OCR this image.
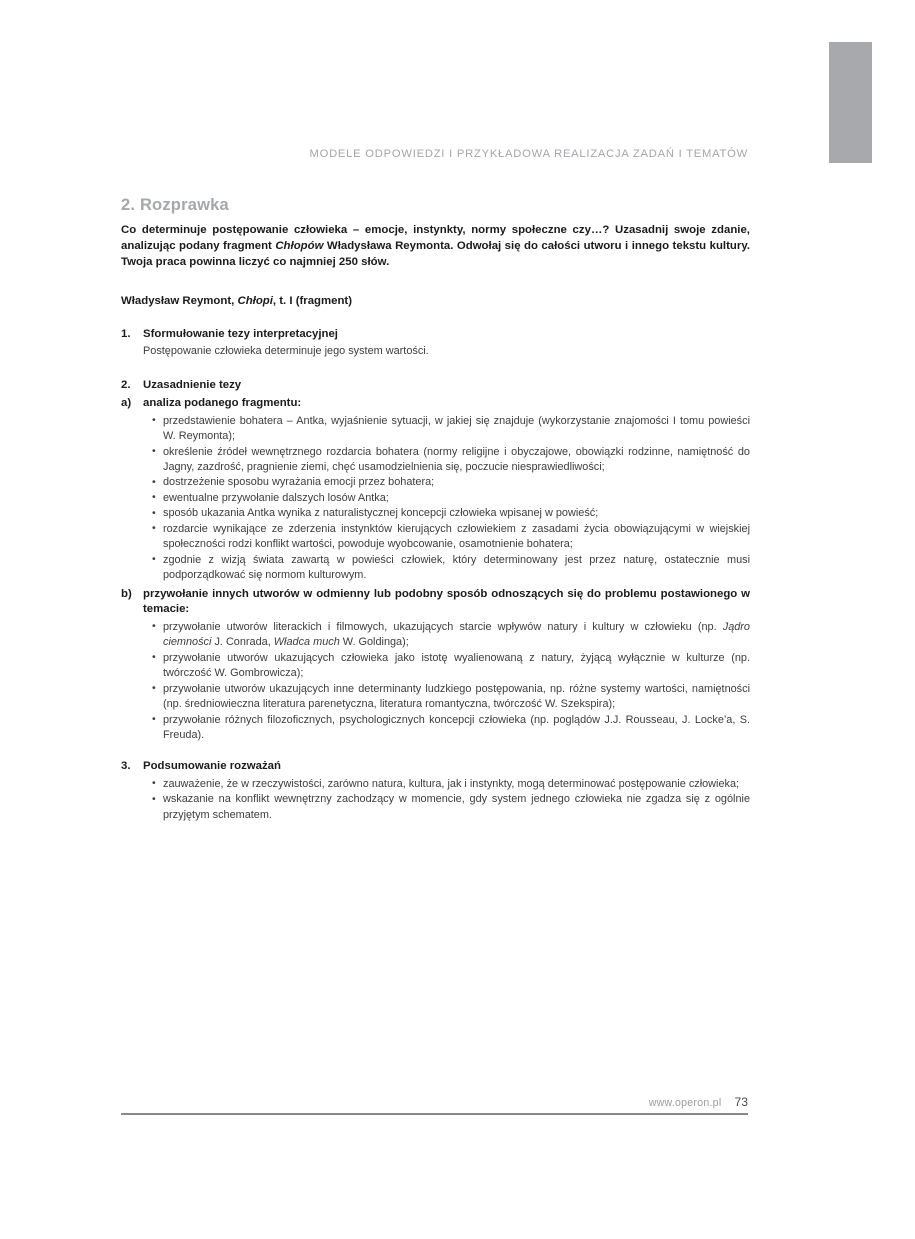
MODELE ODPOWIEDZI I PRZYKŁADOWA REALIZACJA ZADAŃ I TEMATÓW
2. Rozprawka

Co determinuje postępowanie człowieka – emocje, instynkty, normy społeczne czy…? Uzasadnij swoje zdanie, analizując podany fragment Chłopów Władysława Reymonta. Odwołaj się do całości utworu i innego tekstu kultury. Twoja praca powinna liczyć co najmniej 250 słów.

Władysław Reymont, Chłopi, t. I (fragment)

1.	Sformułowanie tezy interpretacyjnej
Postępowanie człowieka determinuje jego system wartości.
2.	Uzasadnienie tezy
a)	analiza podanego fragmentu:
• przedstawienie bohatera – Antka, wyjaśnienie sytuacji, w jakiej się znajduje (wykorzystanie znajomości I tomu powieści W. Reymonta);
• określenie źródeł wewnętrznego rozdarcia bohatera (normy religijne i obyczajowe, obowiązki rodzinne, namiętność do Jagny, zazdrość, pragnienie ziemi, chęć usamodzielnienia się, poczucie niesprawiedliwości;
• dostrzeżenie sposobu wyrażania emocji przez bohatera;
• ewentualne przywołanie dalszych losów Antka;
• sposób ukazania Antka wynika z naturalistycznej koncepcji człowieka wpisanej w powieść;
• rozdarcie wynikające ze zderzenia instynktów kierujących człowiekiem z zasadami życia obowiązującymi w wiejskiej społeczności rodzi konflikt wartości, powoduje wyobcowanie, osamotnienie bohatera;
• zgodnie z wizją świata zawartą w powieści człowiek, który determinowany jest przez naturę, ostatecznie musi podporządkować się normom kulturowym.
b) przywołanie innych utworów w odmienny lub podobny sposób odnoszących się do problemu postawionego w temacie:
• przywołanie utworów literackich i filmowych, ukazujących starcie wpływów natury i kultury w człowieku (np. Jądro ciemności J. Conrada, Władca much W. Goldinga);
• przywołanie utworów ukazujących człowieka jako istotę wyalienowaną z natury, żyjącą wyłącznie w kulturze (np. twórczość W. Gombrowicza);
• przywołanie utworów ukazujących inne determinanty ludzkiego postępowania, np. różne systemy wartości, namiętności (np. średniowieczna literatura parenetyczna, literatura romantyczna, twórczość W. Szekspira);
• przywołanie różnych filozoficznych, psychologicznych koncepcji człowieka (np. poglądów J.J. Rousseau, J. Locke’a, S. Freuda).
3.	Podsumowanie rozważań
• zauważenie, że w rzeczywistości, zarówno natura, kultura, jak i instynkty, mogą determinować postępowanie człowieka;
• wskazanie na konflikt wewnętrzny zachodzący w momencie, gdy system jednego człowieka nie zgadza się z ogólnie przyjętym schematem.
www.operon.pl 73
